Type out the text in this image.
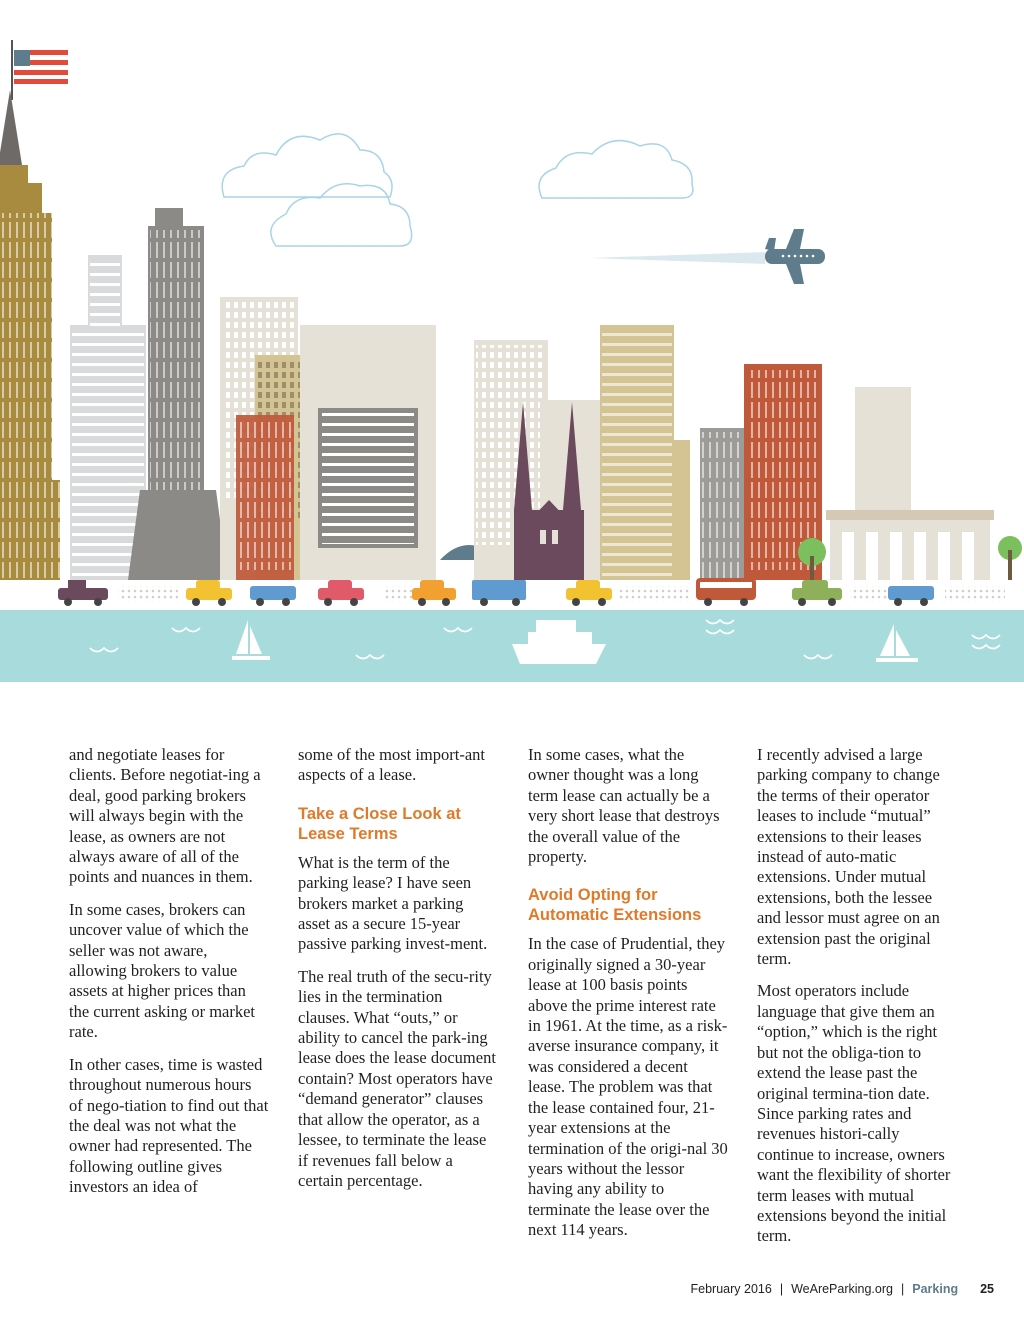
and negotiate leases for clients. Before negotiat-ing a deal, good parking brokers will always begin with the lease, as owners are not always aware of all of the points and nuances in them.

In some cases, brokers can uncover value of which the seller was not aware, allowing brokers to value assets at higher prices than the current asking or market rate.

In other cases, time is wasted throughout numerous hours of nego-tiation to find out that the deal was not what the owner had represented. The following outline gives investors an idea of

some of the most import-ant aspects of a lease.

Take a Close Look at Lease Terms

What is the term of the parking lease? I have seen brokers market a parking asset as a secure 15-year passive parking invest-ment.

The real truth of the secu-rity lies in the termination clauses. What “outs,” or ability to cancel the park-ing lease does the lease document contain? Most operators have “demand generator” clauses that allow the operator, as a lessee, to terminate the lease if revenues fall below a certain percentage.

In some cases, what the owner thought was a long term lease can actually be a very short lease that destroys the overall value of the property.

Avoid Opting for Automatic Extensions

In the case of Prudential, they originally signed a 30-year lease at 100 basis points above the prime interest rate in 1961. At the time, as a risk-averse insurance company, it was considered a decent lease. The problem was that the lease contained four, 21-year extensions at the termination of the origi-nal 30 years without the lessor having any ability to terminate the lease over the next 114 years.

I recently advised a large parking company to change the terms of their operator leases to include “mutual” extensions to their leases instead of auto-matic extensions. Under mutual extensions, both the lessee and lessor must agree on an extension past the original term.

Most operators include language that give them an “option,” which is the right but not the obliga-tion to extend the lease past the original termina-tion date. Since parking rates and revenues histori-cally continue to increase, owners want the flexibility of shorter term leases with mutual extensions beyond the initial term.

February 2016 | WeAreParking.org | Parking 25
